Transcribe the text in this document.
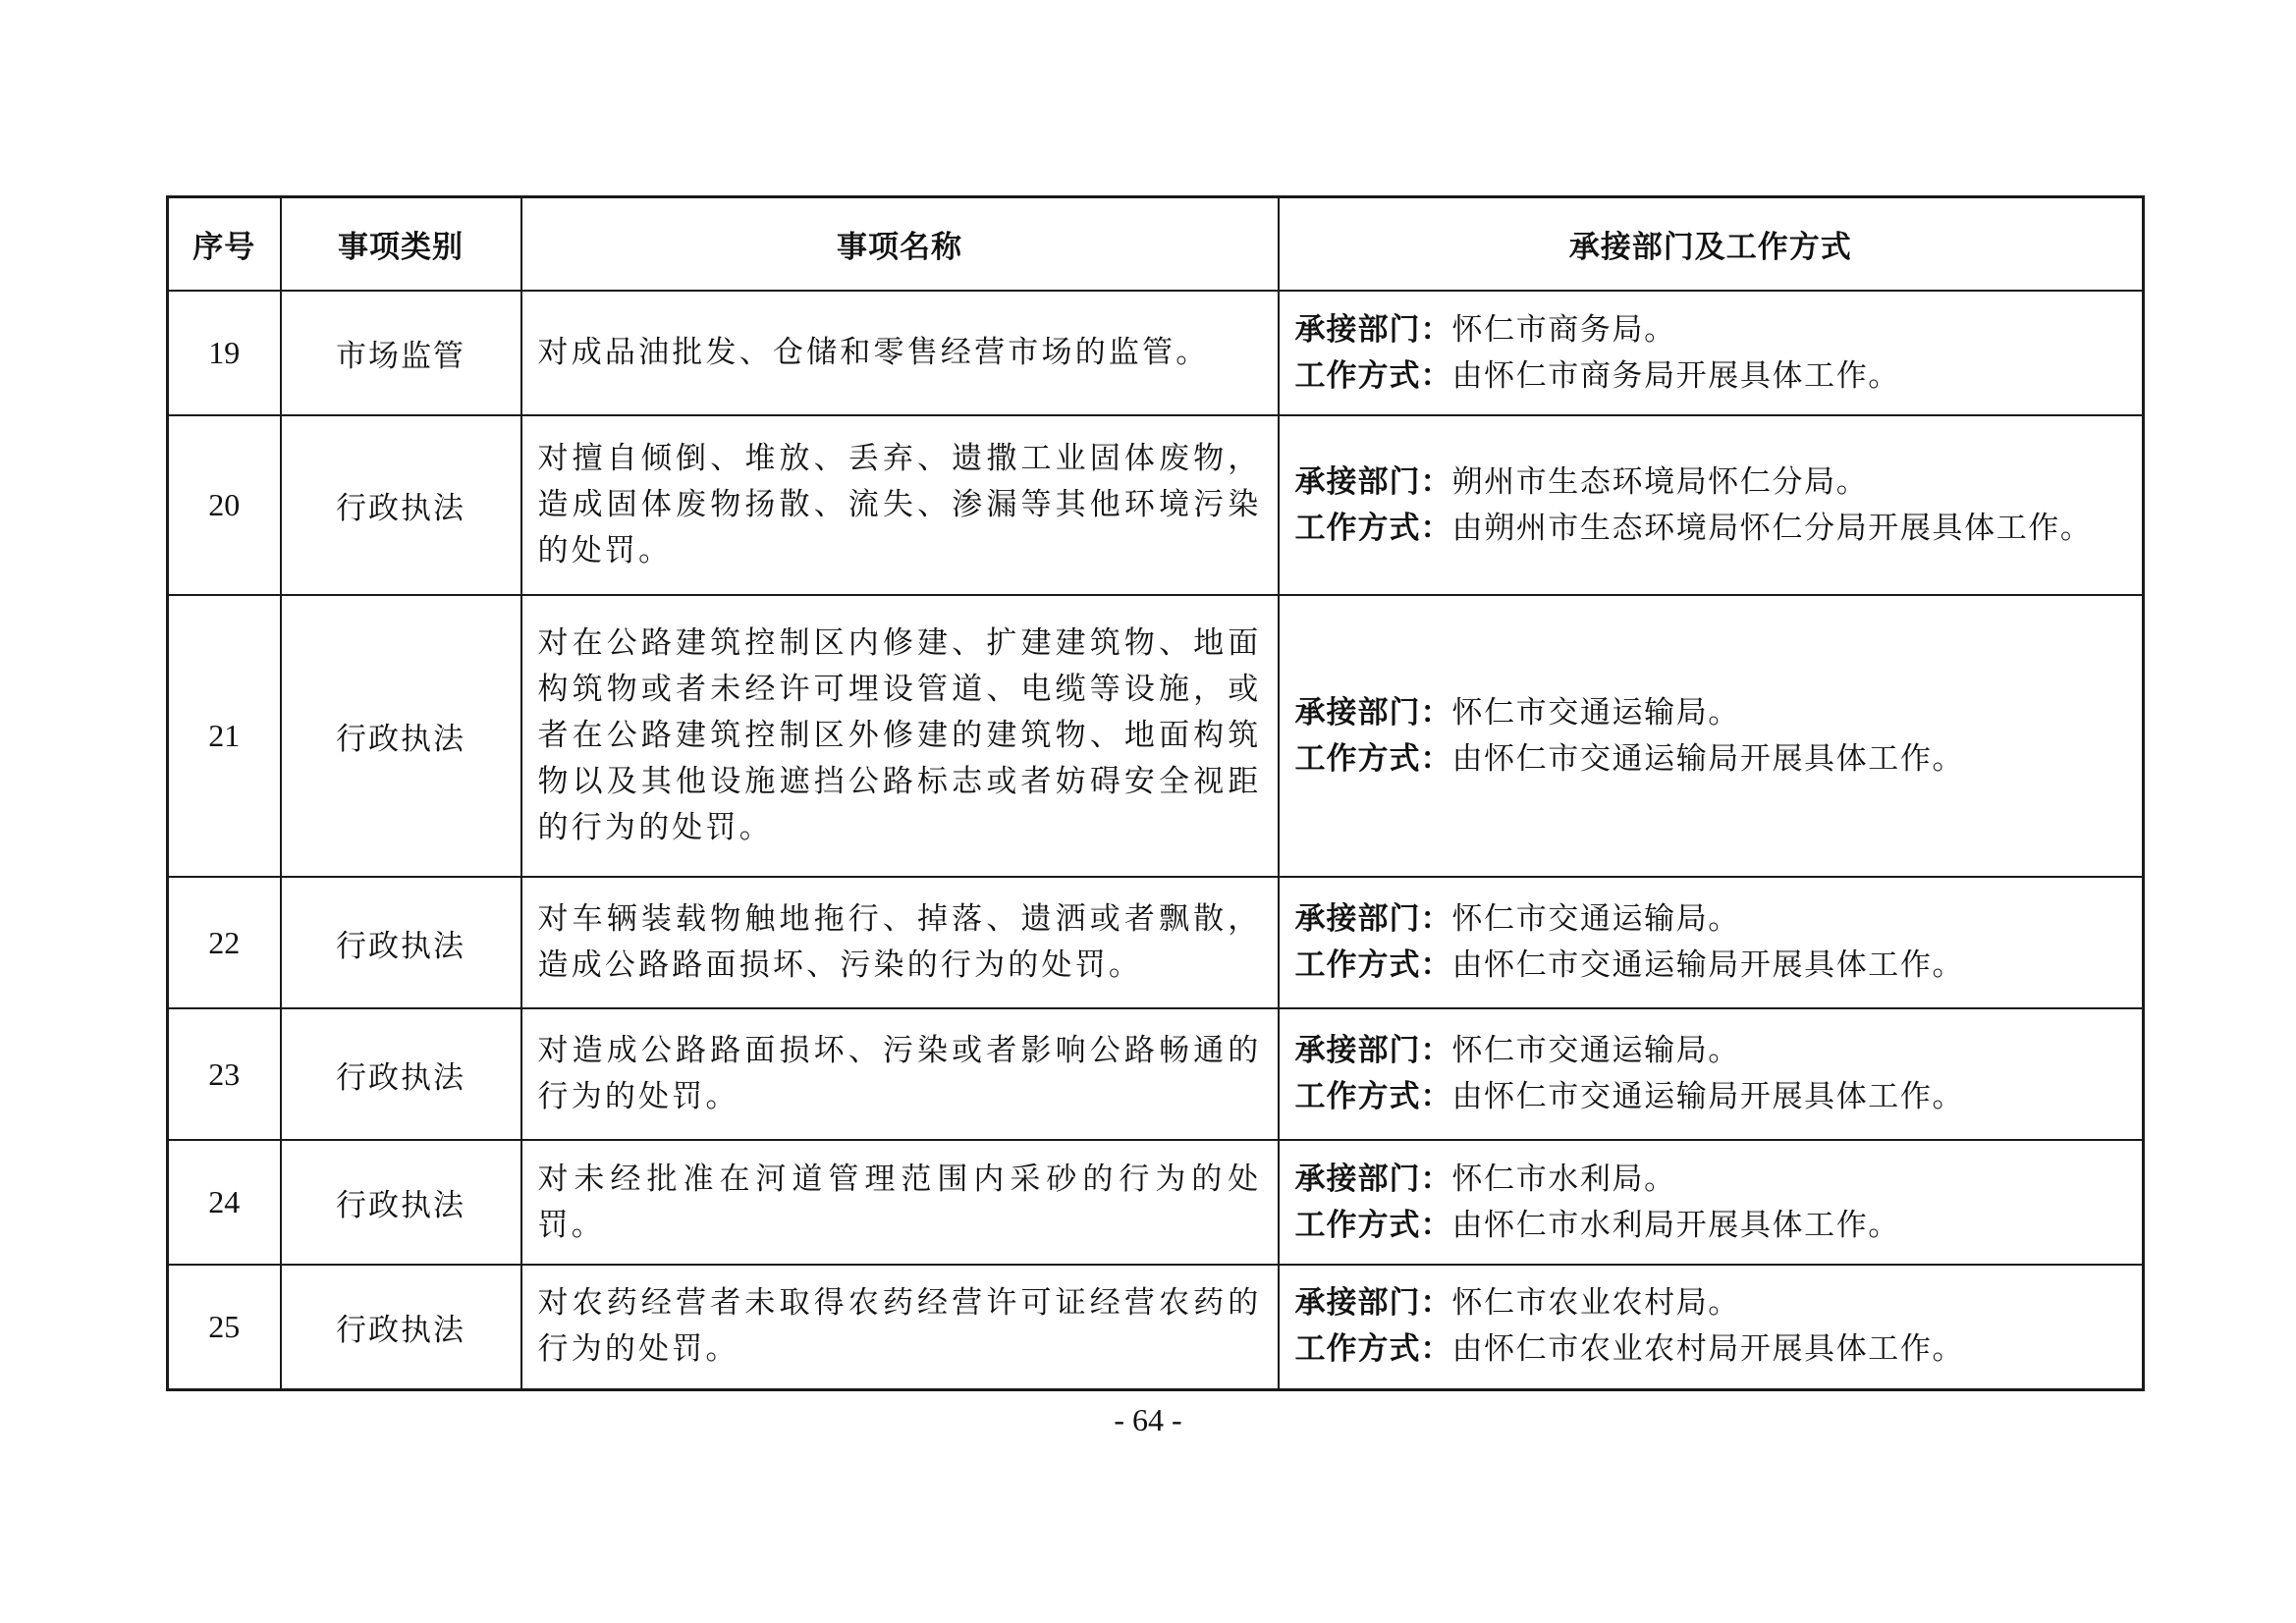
序号	事项类别	事项名称	承接部门及工作方式
19	市场监管	对成品油批发、仓储和零售经营市场的监管。	承接部门：怀仁市商务局。
工作方式：由怀仁市商务局开展具体工作。

20	行政执法	对擅自倾倒、堆放、丢弃、遗撒工业固体废物，造成固体废物扬散、流失、渗漏等其他环境污染的处罚。	承接部门：朔州市生态环境局怀仁分局。
工作方式：由朔州市生态环境局怀仁分局开展具体工作。

21	行政执法	对在公路建筑控制区内修建、扩建建筑物、地面构筑物或者未经许可埋设管道、电缆等设施，或者在公路建筑控制区外修建的建筑物、地面构筑物以及其他设施遮挡公路标志或者妨碍安全视距的行为的处罚。	承接部门：怀仁市交通运输局。
工作方式：由怀仁市交通运输局开展具体工作。

22	行政执法	对车辆装载物触地拖行、掉落、遗洒或者飘散，造成公路路面损坏、污染的行为的处罚。	承接部门：怀仁市交通运输局。
工作方式：由怀仁市交通运输局开展具体工作。

23	行政执法	对造成公路路面损坏、污染或者影响公路畅通的行为的处罚。	承接部门：怀仁市交通运输局。
工作方式：由怀仁市交通运输局开展具体工作。

24	行政执法	对未经批准在河道管理范围内采砂的行为的处罚。	承接部门：怀仁市水利局。
工作方式：由怀仁市水利局开展具体工作。

25	行政执法	对农药经营者未取得农药经营许可证经营农药的行为的处罚。	承接部门：怀仁市农业农村局。
工作方式：由怀仁市农业农村局开展具体工作。
- 64 -
